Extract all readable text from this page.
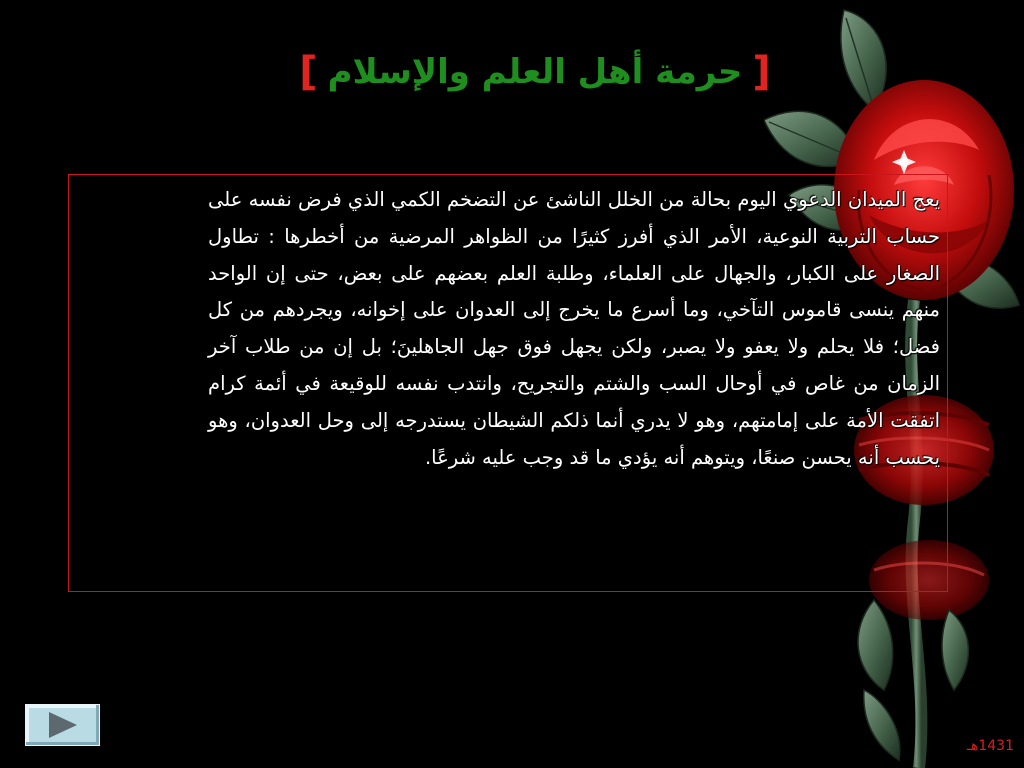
[
حرمة أهل العلم والإسلام
]
يعج الميدان الدعوي اليوم بحالة من الخلل الناشئ عن التضخم الكمي الذي فرض نفسه على حساب التربية النوعية، الأمر الذي أفرز كثيرًا من الظواهر المرضية من أخطرها : تطاول الصغار على الكبار، والجهال على العلماء، وطلبة العلم بعضهم على بعض، حتى إن الواحد منهم ينسى قاموس التآخي، وما أسرع ما يخرج إلى العدوان على إخوانه، ويجردهم من كل فضل؛ فلا يحلم ولا يعفو ولا يصبر، ولكن يجهل فوق جهل الجاهلينَ؛ بل إن من طلاب آخر الزمان من غاص في أوحال السب والشتم والتجريح، وانتدب نفسه للوقيعة في أئمة كرام اتفقت الأمة على إمامتهم، وهو لا يدري أنما ذلكم الشيطان يستدرجه إلى وحل العدوان، وهو يحسب أنه يحسن صنعًا، ويتوهم أنه يؤدي ما قد وجب عليه شرعًا.
1431هـ
